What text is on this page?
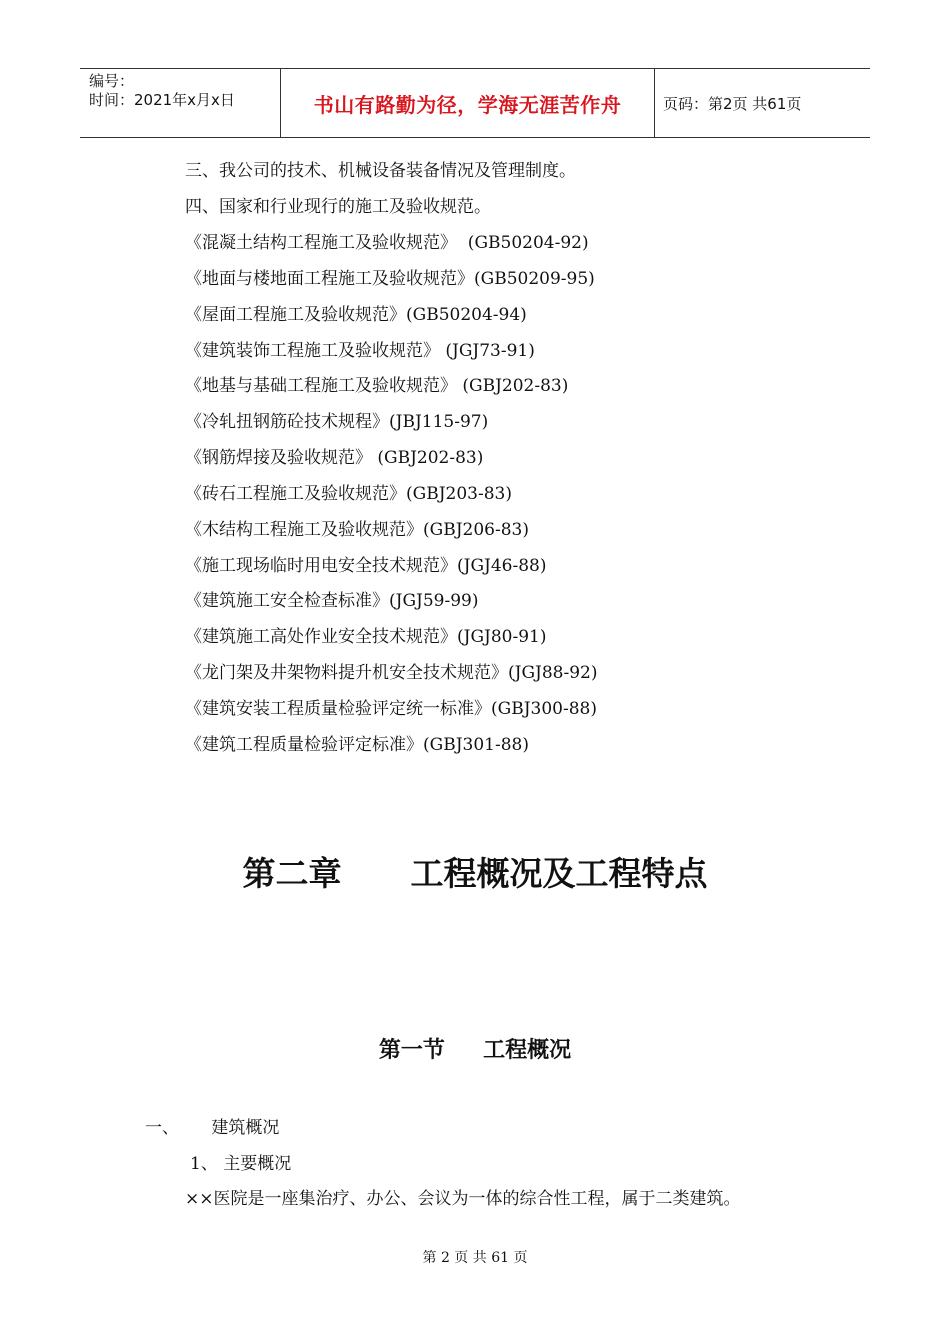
编号：
时间：2021年x月x日	书山有路勤为径，学海无涯苦作舟	页码：第2页 共61页
三、我公司的技术、机械设备装备情况及管理制度。
四、国家和行业现行的施工及验收规范。
《混凝土结构工程施工及验收规范》  (GB50204-92)
《地面与楼地面工程施工及验收规范》(GB50209-95)
《屋面工程施工及验收规范》(GB50204-94)
《建筑装饰工程施工及验收规范》 (JGJ73-91)
《地基与基础工程施工及验收规范》 (GBJ202-83)
《冷轧扭钢筋砼技术规程》(JBJ115-97)
《钢筋焊接及验收规范》 (GBJ202-83)
《砖石工程施工及验收规范》(GBJ203-83)
《木结构工程施工及验收规范》(GBJ206-83)
《施工现场临时用电安全技术规范》(JGJ46-88)
《建筑施工安全检查标准》(JGJ59-99)
《建筑施工高处作业安全技术规范》(JGJ80-91)
《龙门架及井架物料提升机安全技术规范》(JGJ88-92)
《建筑安装工程质量检验评定统一标准》(GBJ300-88)
《建筑工程质量检验评定标准》(GBJ301-88)
第二章      工程概况及工程特点
第一节     工程概况
一、      建筑概况
1、 主要概况
××医院是一座集治疗、办公、会议为一体的综合性工程，属于二类建筑。
第 2 页 共 61 页
